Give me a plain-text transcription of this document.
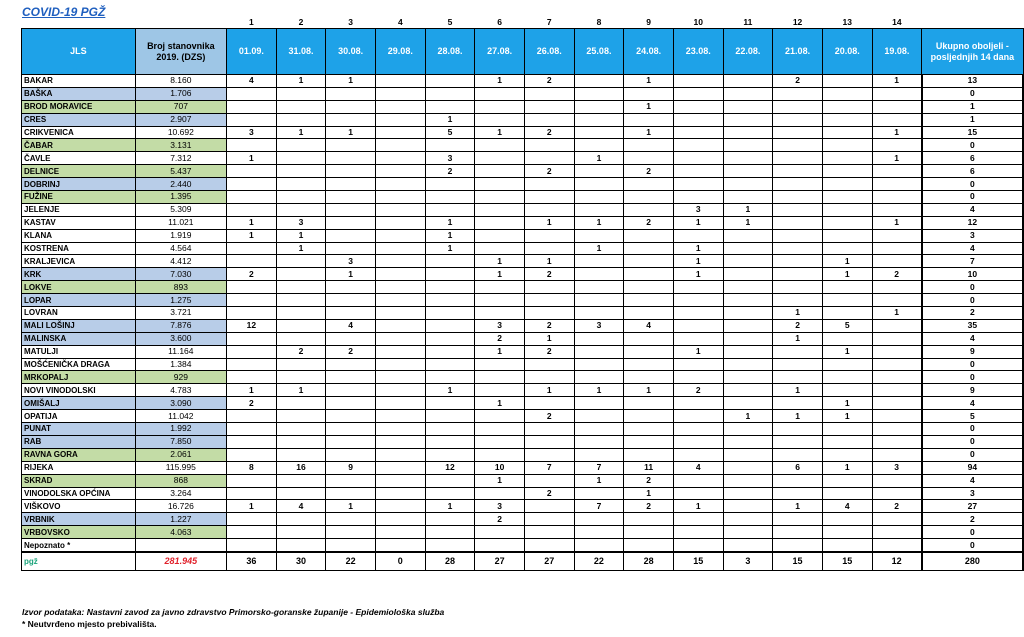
COVID-19 PGŽ
		1	2	3	4	5	6	7	8	9	10	11	12	13	14	
JLS	Broj stanovnika 2019. (DZS)	01.09.	31.08.	30.08.	29.08.	28.08.	27.08.	26.08.	25.08.	24.08.	23.08.	22.08.	21.08.	20.08.	19.08.	Ukupno oboljeli - posljednjih 14 dana
BAKAR	8.160	4	1	1			1	2		1			2		1	13
BAŠKA	1.706															0
BROD MORAVICE	707									1						1
CRES	2.907					1										1
CRIKVENICA	10.692	3	1	1		5	1	2		1					1	15
ČABAR	3.131															0
ČAVLE	7.312	1				3			1						1	6
DELNICE	5.437					2		2		2						6
DOBRINJ	2.440															0
FUŽINE	1.395															0
JELENJE	5.309										3	1				4
KASTAV	11.021	1	3			1		1	1	2	1	1			1	12
KLANA	1.919	1	1			1										3
KOSTRENA	4.564		1			1			1		1					4
KRALJEVICA	4.412			3			1	1			1			1		7
KRK	7.030	2		1			1	2			1			1	2	10
LOKVE	893															0
LOPAR	1.275															0
LOVRAN	3.721												1		1	2
MALI LOŠINJ	7.876	12		4			3	2	3	4			2	5		35
MALINSKA	3.600						2	1					1			4
MATULJI	11.164		2	2			1	2			1			1		9
MOŠĆENIČKA DRAGA	1.384															0
MRKOPALJ	929															0
NOVI VINODOLSKI	4.783	1	1			1		1	1	1	2		1			9
OMIŠALJ	3.090	2					1							1		4
OPATIJA	11.042							2				1	1	1		5
PUNAT	1.992															0
RAB	7.850															0
RAVNA GORA	2.061															0
RIJEKA	115.995	8	16	9		12	10	7	7	11	4		6	1	3	94
SKRAD	868						1		1	2						4
VINODOLSKA OPĆINA	3.264							2		1						3
VIŠKOVO	16.726	1	4	1		1	3		7	2	1		1	4	2	27
VRBNIK	1.227						2									2
VRBOVSKO	4.063															0
Nepoznato *																0
pgž	281.945	36	30	22	0	28	27	27	22	28	15	3	15	15	12	280
Izvor podataka: Nastavni zavod za javno zdravstvo Primorsko-goranske županije - Epidemiološka služba
* Neutvrđeno mjesto prebivališta.
